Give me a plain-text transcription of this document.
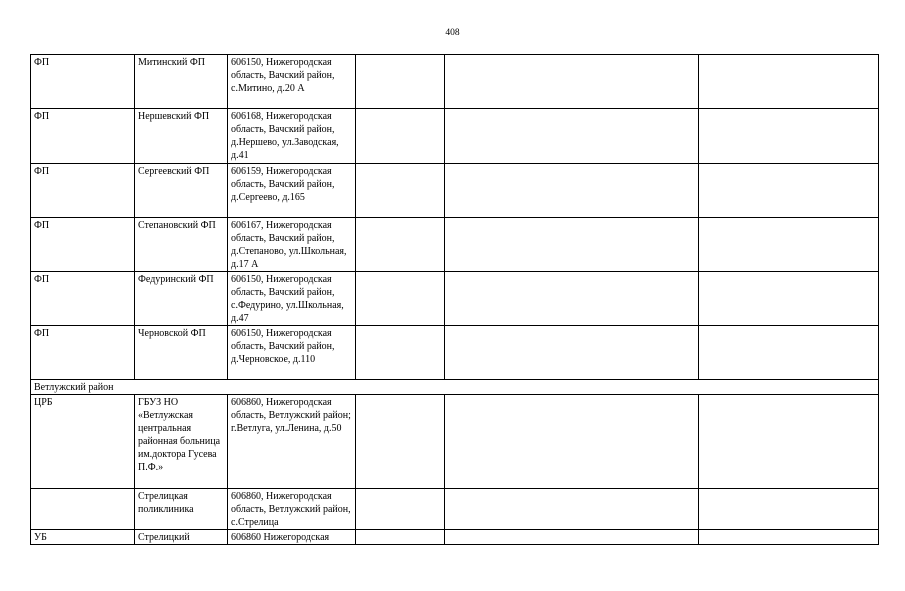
408
ФП	Митинский ФП	606150, Нижегородская область, Вачский район, с.Митино, д.20 А			
ФП	Нершевский ФП	606168, Нижегородская область, Вачский район, д.Нершево, ул.Заводская, д.41			
ФП	Сергеевский ФП	606159, Нижегородская область, Вачский район, д.Сергеево, д.165			
ФП	Степановский ФП	606167, Нижегородская область, Вачский район, д.Степаново, ул.Школьная, д.17 А			
ФП	Федуринский ФП	606150, Нижегородская область, Вачский район, с.Федурино, ул.Школьная, д.47			
ФП	Черновской ФП	606150, Нижегородская область, Вачский район, д.Черновское, д.110			
Ветлужский район					
ЦРБ	ГБУЗ НО «Ветлужская центральная районная больница им.доктора Гусева П.Ф.»	606860, Нижегородская область, Ветлужский район; г.Ветлуга, ул.Ленина, д.50			
	Стрелицкая поликлиника	606860, Нижегородская область, Ветлужский район, с.Стрелица			
УБ	Стрелицкий	606860 Нижегородская			
